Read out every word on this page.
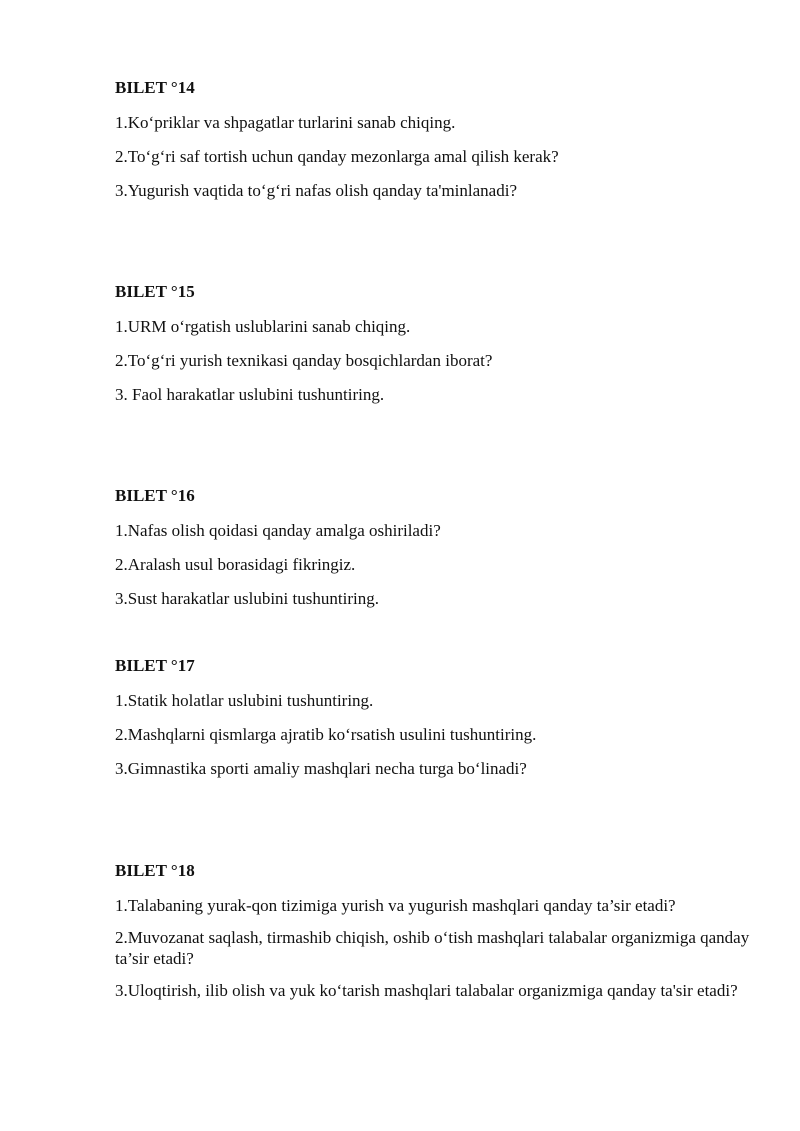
BILET °14

1.Ko‘priklar va shpagatlar turlarini sanab chiqing.

2.To‘g‘ri saf tortish uchun qanday mezonlarga amal qilish kerak?

3.Yugurish vaqtida to‘g‘ri nafas olish qanday ta'minlanadi?

BILET °15

1.URM o‘rgatish uslublarini sanab chiqing.

2.To‘g‘ri yurish texnikasi qanday bosqichlardan iborat?

3. Faol harakatlar uslubini tushuntiring.

BILET °16

1.Nafas olish qoidasi qanday amalga oshiriladi?

2.Aralash usul borasidagi fikringiz.

3.Sust harakatlar uslubini tushuntiring.

BILET °17

1.Statik holatlar uslubini tushuntiring.

2.Mashqlarni qismlarga ajratib ko‘rsatish usulini tushuntiring.

3.Gimnastika sporti amaliy mashqlari necha turga bo‘linadi?

BILET °18

1.Talabaning yurak-qon tizimiga yurish va yugurish mashqlari qanday ta’sir etadi?

2.Muvozanat saqlash, tirmashib chiqish, oshib o‘tish mashqlari talabalar organizmiga qanday ta’sir etadi?

3.Uloqtirish, ilib olish va yuk ko‘tarish mashqlari talabalar organizmiga qanday ta'sir etadi?
